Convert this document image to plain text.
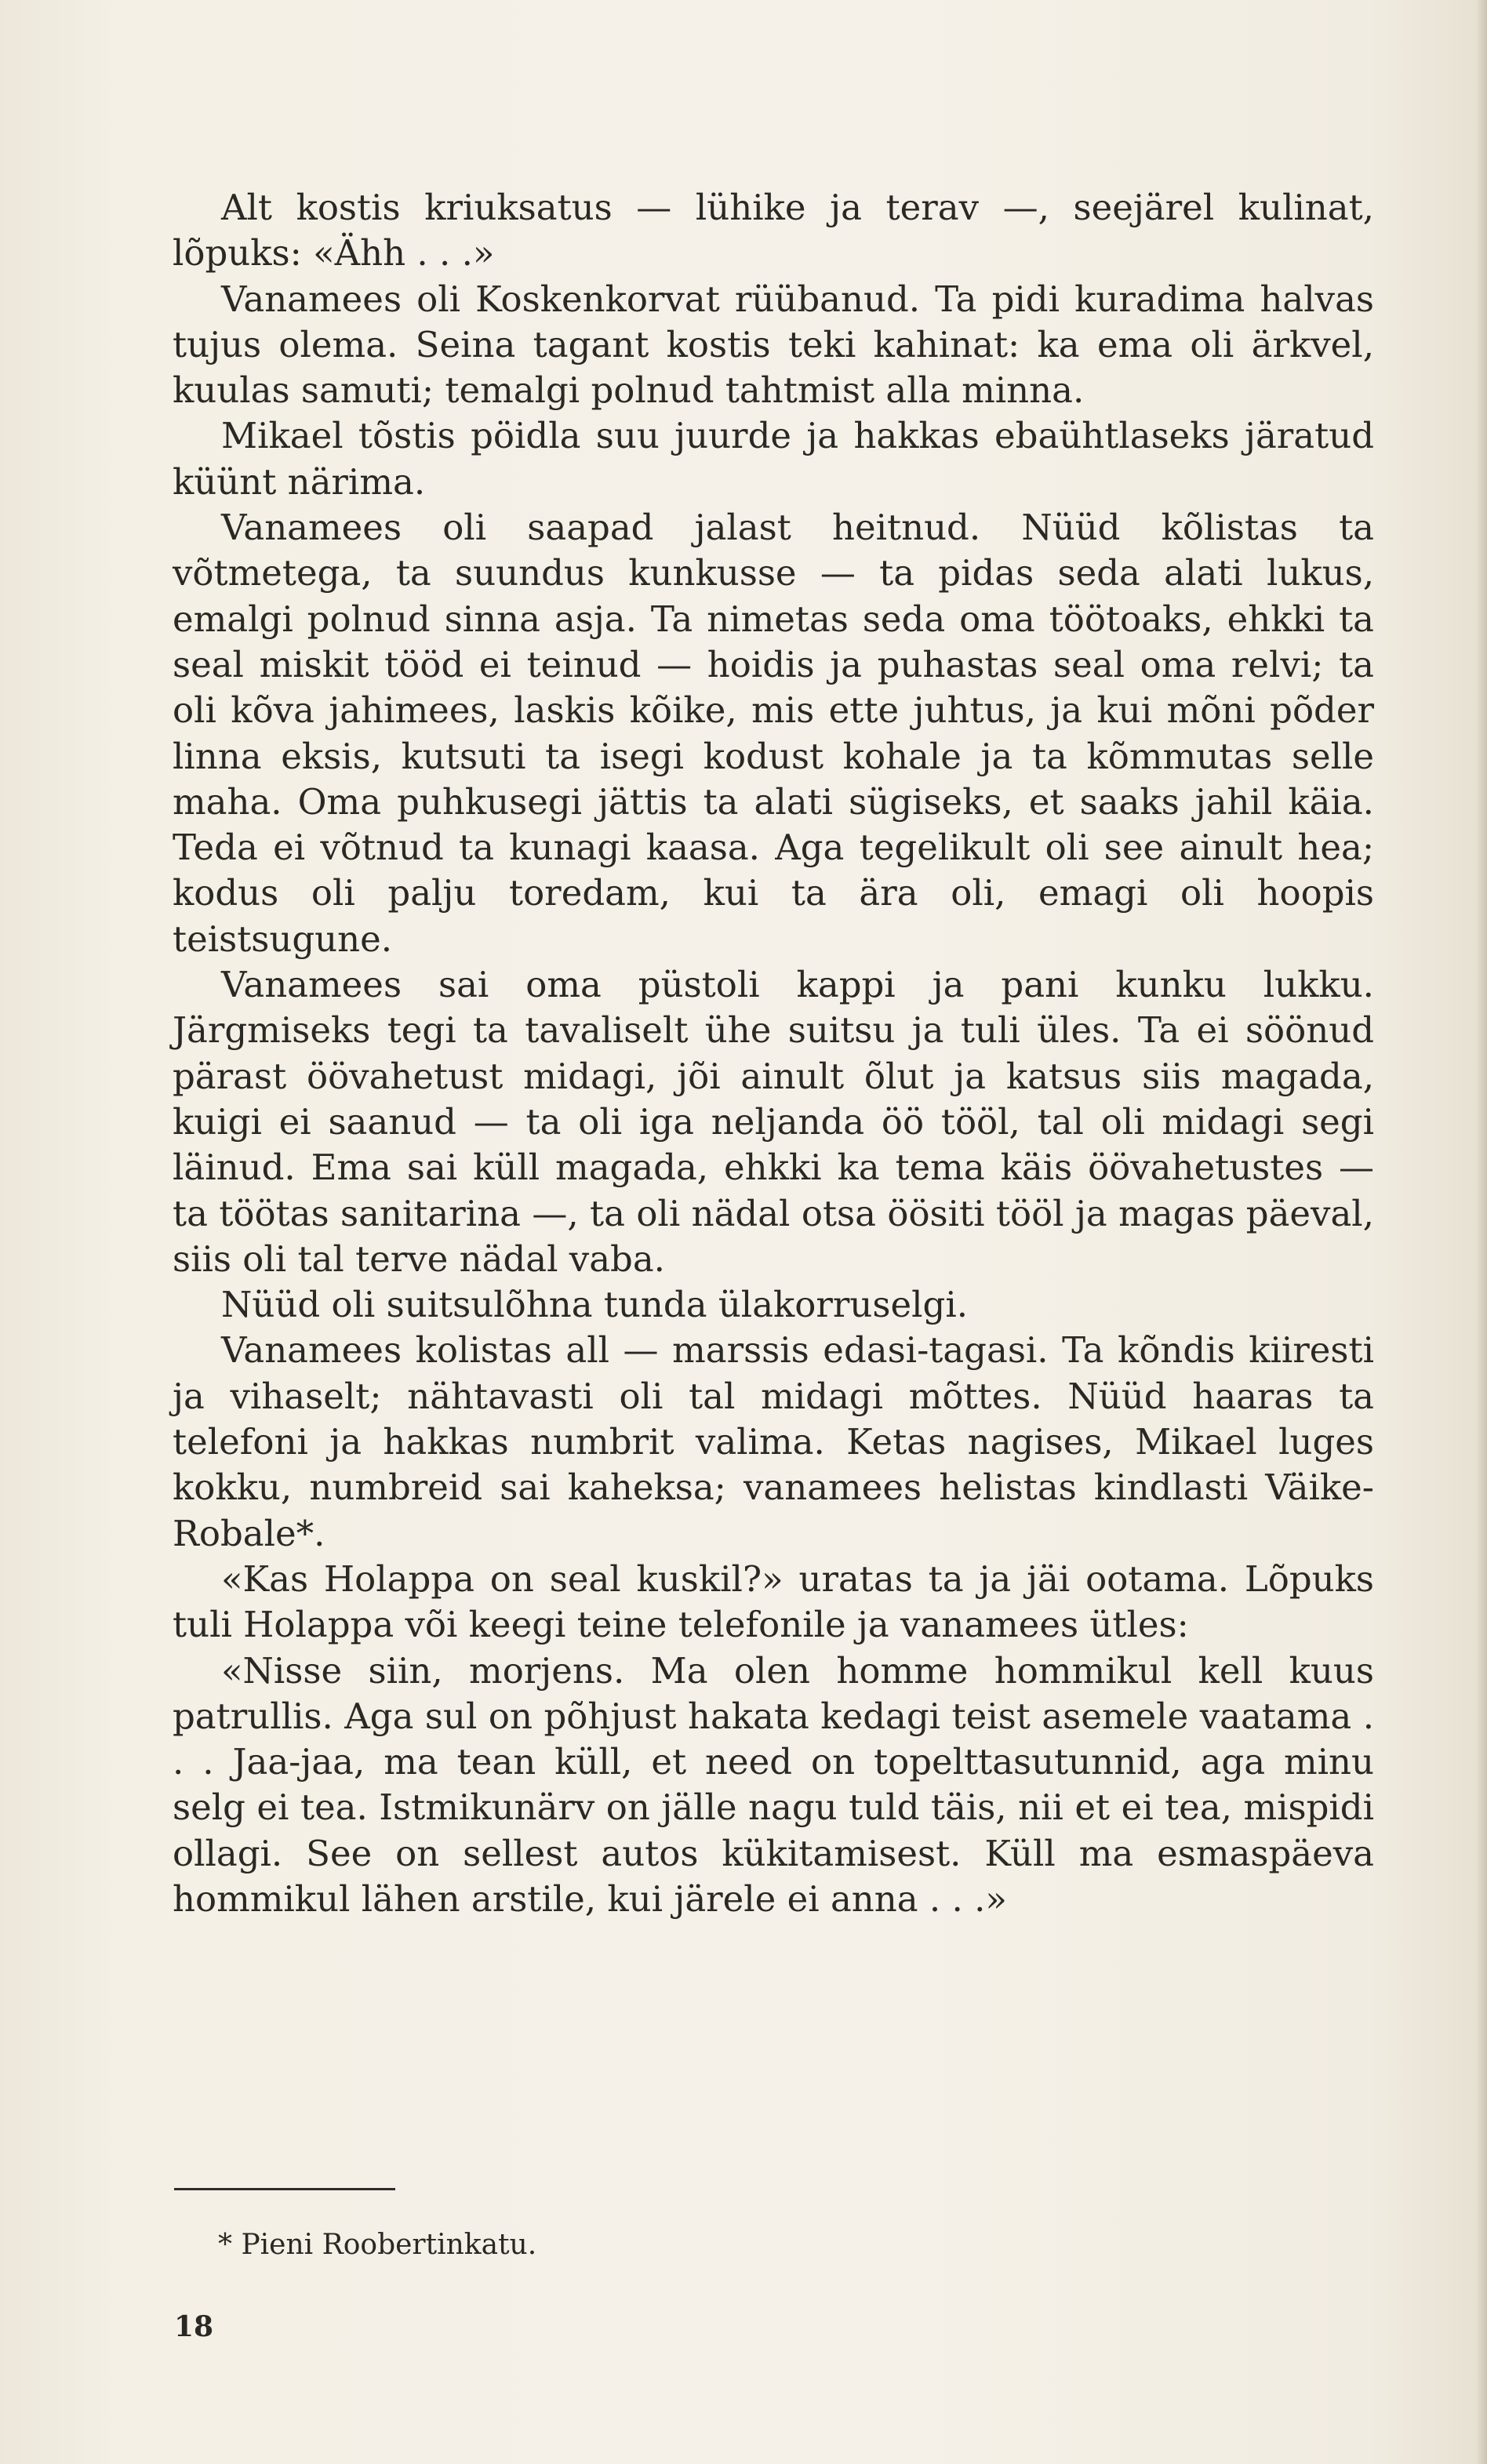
Alt kostis kriuksatus — lühike ja terav —, seejärel kulinat, lõpuks: «Ähh . . .»

Vanamees oli Koskenkorvat rüübanud. Ta pidi kuradima halvas tujus olema. Seina tagant kostis teki kahinat: ka ema oli ärkvel, kuulas samuti; temalgi polnud tahtmist alla minna.

Mikael tõstis pöidla suu juurde ja hakkas ebaühtlaseks järatud küünt närima.

Vanamees oli saapad jalast heitnud. Nüüd kõlistas ta võtmetega, ta suundus kunkusse — ta pidas seda alati lukus, emalgi polnud sinna asja. Ta nimetas seda oma töötoaks, ehkki ta seal miskit tööd ei teinud — hoidis ja puhastas seal oma relvi; ta oli kõva jahimees, laskis kõike, mis ette juhtus, ja kui mõni põder linna eksis, kutsuti ta isegi kodust kohale ja ta kõmmutas selle maha. Oma puhkusegi jättis ta alati sügiseks, et saaks jahil käia. Teda ei võtnud ta kunagi kaasa. Aga tegelikult oli see ainult hea; kodus oli palju toredam, kui ta ära oli, emagi oli hoopis teistsugune.

Vanamees sai oma püstoli kappi ja pani kunku lukku. Järgmiseks tegi ta tavaliselt ühe suitsu ja tuli üles. Ta ei söönud pärast öövahetust midagi, jõi ainult õlut ja katsus siis magada, kuigi ei saanud — ta oli iga neljanda öö tööl, tal oli midagi segi läinud. Ema sai küll magada, ehkki ka tema käis öövahetustes — ta töötas sanitarina —, ta oli nädal otsa öösiti tööl ja magas päeval, siis oli tal terve nädal vaba.

Nüüd oli suitsulõhna tunda ülakorruselgi.

Vanamees kolistas all — marssis edasi-tagasi. Ta kõndis kiiresti ja vihaselt; nähtavasti oli tal midagi mõttes. Nüüd haaras ta telefoni ja hakkas numbrit valima. Ketas nagises, Mikael luges kokku, numbreid sai kaheksa; vanamees helistas kindlasti Väike-Robale*.

«Kas Holappa on seal kuskil?» uratas ta ja jäi ootama. Lõpuks tuli Holappa või keegi teine telefonile ja vanamees ütles:

«Nisse siin, morjens. Ma olen homme hommikul kell kuus patrullis. Aga sul on põhjust hakata kedagi teist asemele vaatama . . . Jaa-jaa, ma tean küll, et need on topelttasutunnid, aga minu selg ei tea. Istmikunärv on jälle nagu tuld täis, nii et ei tea, mispidi ollagi. See on sellest autos kükitamisest. Küll ma esmaspäeva hommikul lähen arstile, kui järele ei anna . . .»

* Pieni Roobertinkatu.
18
